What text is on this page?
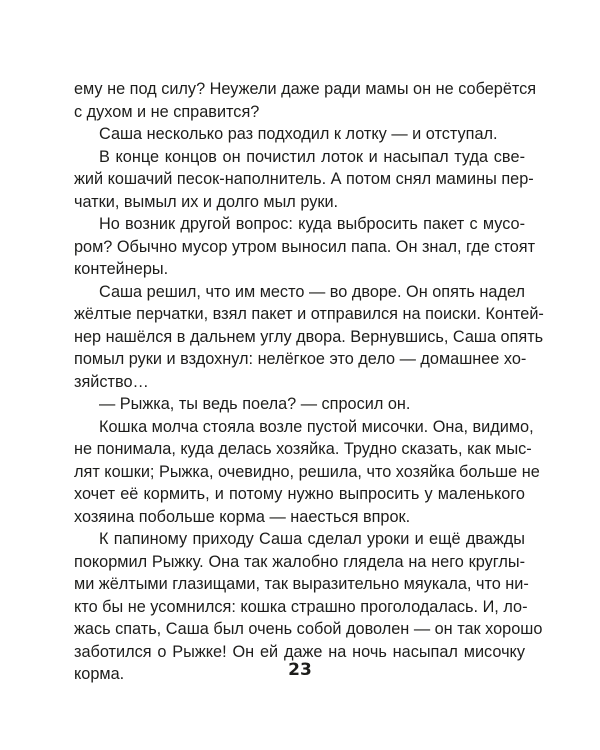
ему не под силу? Неужели даже ради мамы он не соберётся
с духом и не справится?
Саша несколько раз подходил к лотку — и отступал.
В конце концов он почистил лоток и насыпал туда свe-
жий кошачий песок-наполнитель. А потом снял мамины пер-
чатки, вымыл их и долго мыл руки.
Но возник другой вопрос: куда выбросить пакет с мусо-
ром? Обычно мусор утром выносил папа. Он знал, где стоят
контейнеры.
Саша решил, что им место — во дворе. Он опять надел
жёлтые перчатки, взял пакет и отправился на поиски. Контей-
нер нашёлся в дальнем углу двора. Вернувшись, Саша опять
помыл руки и вздохнул: нелёгкое это дело — домашнее хо-
зяйство…
— Рыжка, ты ведь поела? — спросил он.
Кошка молча стояла возле пустой мисочки. Она, видимо,
не понимала, куда делась хозяйка. Трудно сказать, как мыс-
лят кошки; Рыжка, очевидно, решила, что хозяйка больше не
хочет её кормить, и потому нужно выпросить у маленького
хозяина побольше корма — наесться впрок.
К папиному приходу Саша сделал уроки и ещё дважды
покормил Рыжку. Она так жалобно глядела на него круглы-
ми жёлтыми глазищами, так выразительно мяукала, что ни-
кто бы не усомнился: кошка страшно проголодалась. И, ло-
жась спать, Саша был очень собой доволен — он так хорошо
заботился о Рыжке! Он ей даже на ночь насыпал мисочку
корма.	23
